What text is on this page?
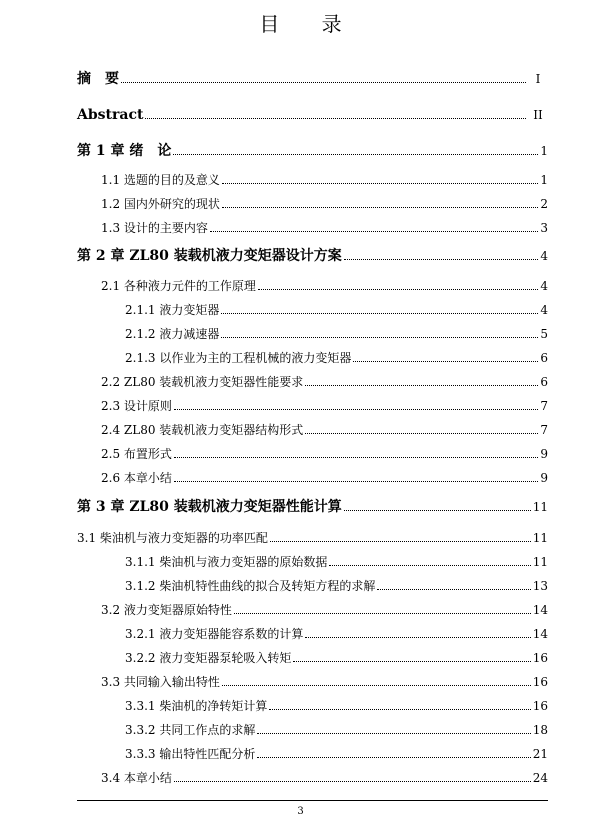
目 录
摘　要	I
Abstract	II
第 1 章 绪　论	1
1.1 选题的目的及意义	1
1.2 国内外研究的现状	2
1.3 设计的主要内容	3
第 2 章 ZL80 装载机液力变矩器设计方案	4
2.1 各种液力元件的工作原理	4
2.1.1 液力变矩器	4
2.1.2 液力减速器	5
2.1.3 以作业为主的工程机械的液力变矩器	6
2.2 ZL80 装载机液力变矩器性能要求	6
2.3 设计原则	7
2.4 ZL80 装载机液力变矩器结构形式	7
2.5 布置形式	9
2.6 本章小结	9
第 3 章 ZL80 装载机液力变矩器性能计算	11
3.1 柴油机与液力变矩器的功率匹配	11
3.1.1 柴油机与液力变矩器的原始数据	11
3.1.2 柴油机特性曲线的拟合及转矩方程的求解	13
3.2 液力变矩器原始特性	14
3.2.1 液力变矩器能容系数的计算	14
3.2.2 液力变矩器泵轮吸入转矩	16
3.3 共同输入输出特性	16
3.3.1 柴油机的净转矩计算	16
3.3.2 共同工作点的求解	18
3.3.3 输出特性匹配分析	21
3.4 本章小结	24
3
